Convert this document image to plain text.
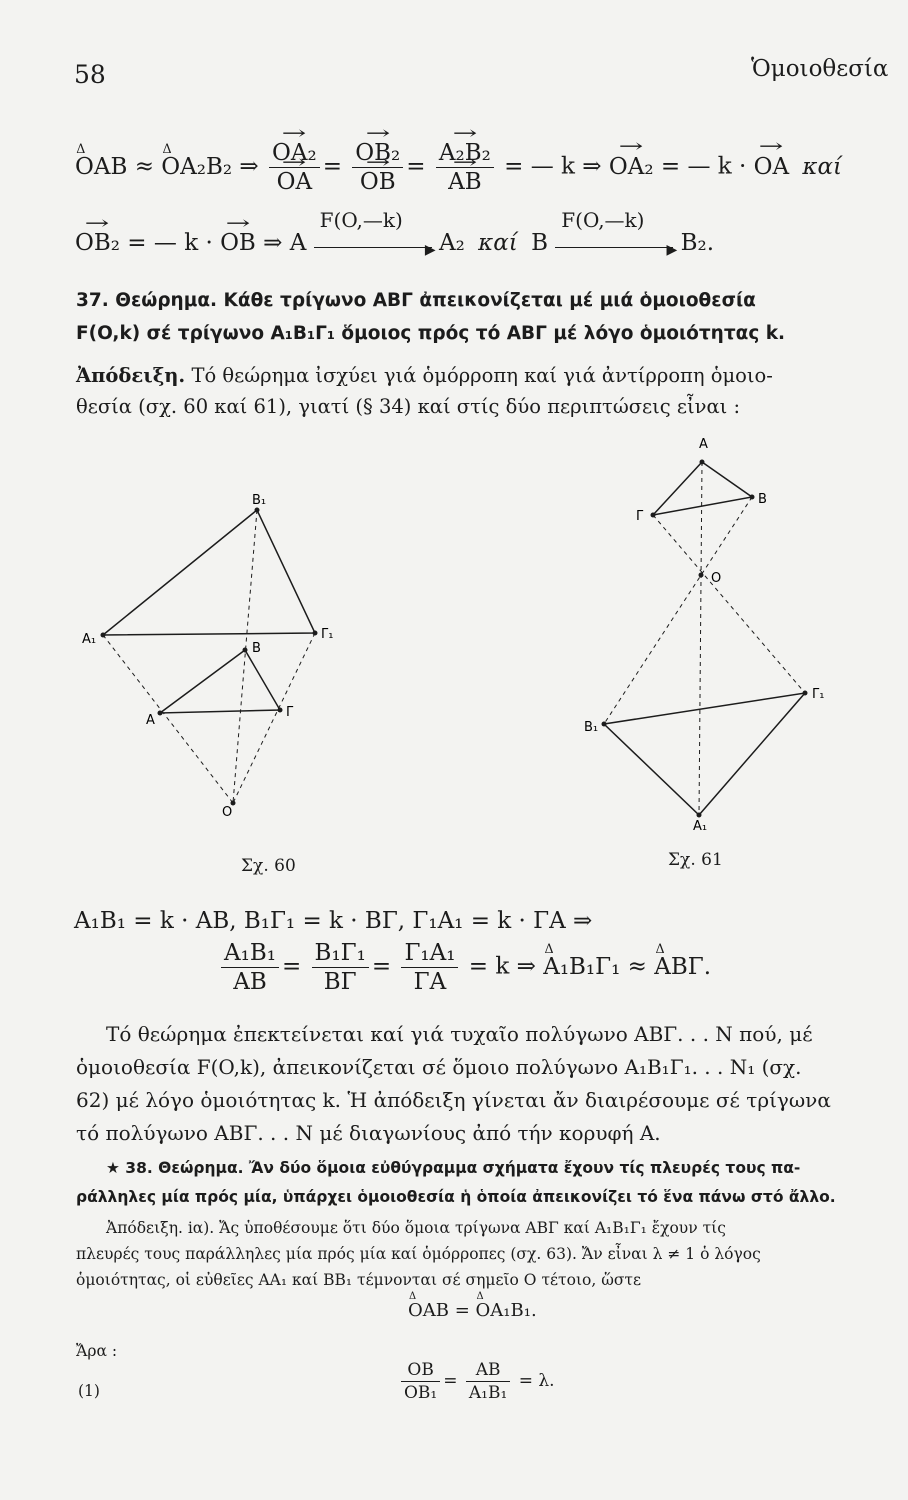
58	Ὁμοιοθεσία
Δ OAB ≈ Δ OA₂B₂ ⇒ → OA₂
→ OA = → OB₂
→ OB = → A₂B₂
→ AB = — k ⇒ → OA₂ = — k · → OA καί
→ OB₂ = — k · → OB ⇒ A
F(O,—k)
▶ A₂ καί B
F(O,—k)
▶ B₂.
37. Θεώρημα. Κάθε τρίγωνο ΑΒΓ ἀπεικονίζεται μέ μιά ὁμοιοθεσία
F(O,k) σέ τρίγωνο Α₁Β₁Γ₁ ὅμοιος πρός τό ΑΒΓ μέ λόγο ὁμοιότητας k.
Ἀπόδειξη. Τό θεώρημα ἰσχύει γιά ὁμόρροπη καί γιά ἀντίρροπη ὁμοιο-
θεσία (σχ. 60 καί 61), γιατί (§ 34) καί στίς δύο περιπτώσεις εἶναι :
B₁
A₁	Γ₁
B
A
Γ
O
Σχ. 60
A
B
Γ
O
Γ₁
B₁
A₁
Σχ. 61
A₁B₁ = k · AB, B₁Γ₁ = k · BΓ, Γ₁A₁ = k · ΓA ⇒
$\frac{\text{A₁B₁}}{AB} = \frac{\text{B₁Γ₁}}{B\Gamma} = \frac{\text{Γ₁A₁}}{\Gamma A} = k$ ⇒ Δ A₁B₁Γ₁ ≈ Δ ABΓ.
Τό θεώρημα ἐπεκτείνεται καί γιά τυχαῖο πολύγωνο ΑΒΓ. . . Ν πού, μέ
ὁμοιοθεσία F(O,k), ἀπεικονίζεται σέ ὅμοιο πολύγωνο Α₁Β₁Γ₁. . . Ν₁ (σχ.
62) μέ λόγο ὁμοιότητας k. Ἡ ἀπόδειξη γίνεται ἄν διαιρέσουμε σέ τρίγωνα
τό πολύγωνο ΑΒΓ. . . Ν μέ διαγωνίους ἀπό τήν κορυφή Α.
★ 38. Θεώρημα. Ἄν δύο ὅμοια εὐθύγραμμα σχήματα ἔχουν τίς πλευρές τους πα-
ράλληλες μία πρός μία, ὑπάρχει ὁμοιοθεσία ἡ ὁποία ἀπεικονίζει τό ἕνα πάνω στό ἄλλο.
Ἀπόδειξη. iα). Ἄς ὑποθέσουμε ὅτι δύο ὅμοια τρίγωνα ΑΒΓ καί Α₁Β₁Γ₁ ἔχουν τίς
πλευρές τους παράλληλες μία πρός μία καί ὁμόρροπες (σχ. 63). Ἄν εἶναι λ ≠ 1 ὁ λόγος
ὁμοιότητας, οἱ εὐθεῖες ΑΑ₁ καί ΒΒ₁ τέμνονται σέ σημεῖο Ο τέτοιο, ὥστε
Δ OAB = Δ OA₁B₁.
Ἄρα :
(1)	$\frac{OB}{\text{OB₁}} = \frac{AB}{\text{A₁B₁}} = \lambda$.
